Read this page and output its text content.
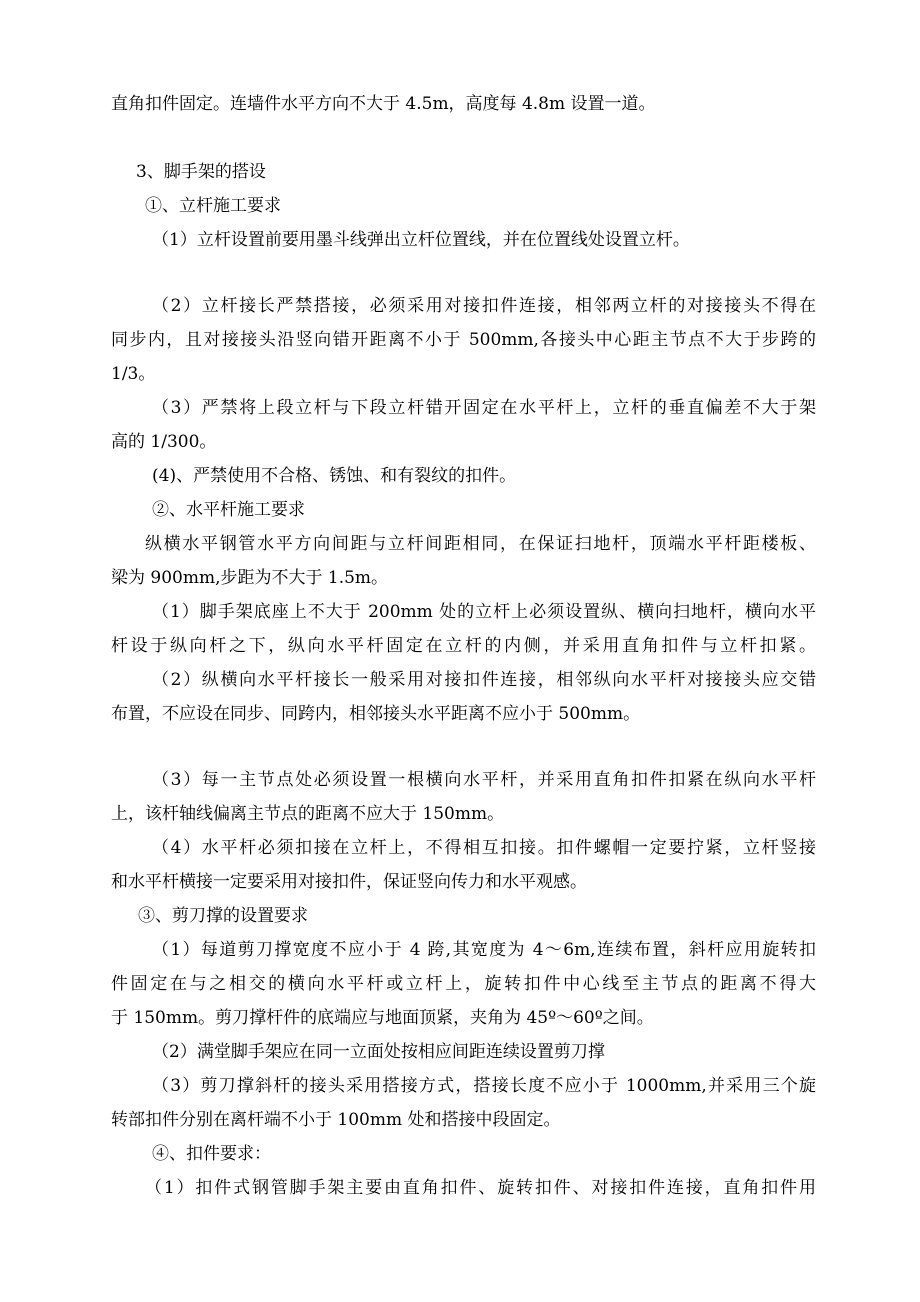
直角扣件固定。连墙件水平方向不大于 4.5m，高度每 4.8m 设置一道。
3、脚手架的搭设
①、立杆施工要求
（1）立杆设置前要用墨斗线弹出立杆位置线，并在位置线处设置立杆。
（2）立杆接长严禁搭接，必须采用对接扣件连接，相邻两立杆的对接接头不得在
同步内，且对接接头沿竖向错开距离不小于 500mm,各接头中心距主节点不大于步跨的
1/3。
（3）严禁将上段立杆与下段立杆错开固定在水平杆上，立杆的垂直偏差不大于架
高的 1/300。
(4)、严禁使用不合格、锈蚀、和有裂纹的扣件。
②、水平杆施工要求
纵横水平钢管水平方向间距与立杆间距相同，在保证扫地杆，顶端水平杆距楼板、
梁为 900mm,步距为不大于 1.5m。
（1）脚手架底座上不大于 200mm 处的立杆上必须设置纵、横向扫地杆，横向水平
杆设于纵向杆之下，纵向水平杆固定在立杆的内侧，并采用直角扣件与立杆扣紧。
（2）纵横向水平杆接长一般采用对接扣件连接，相邻纵向水平杆对接接头应交错
布置，不应设在同步、同跨内，相邻接头水平距离不应小于 500mm。
（3）每一主节点处必须设置一根横向水平杆，并采用直角扣件扣紧在纵向水平杆
上，该杆轴线偏离主节点的距离不应大于 150mm。
（4）水平杆必须扣接在立杆上，不得相互扣接。扣件螺帽一定要拧紧，立杆竖接
和水平杆横接一定要采用对接扣件，保证竖向传力和水平观感。
③、剪刀撑的设置要求
（1）每道剪刀撑宽度不应小于 4 跨,其宽度为 4～6m,连续布置，斜杆应用旋转扣
件固定在与之相交的横向水平杆或立杆上，旋转扣件中心线至主节点的距离不得大
于 150mm。剪刀撑杆件的底端应与地面顶紧，夹角为 45º～60º之间。
（2）满堂脚手架应在同一立面处按相应间距连续设置剪刀撑
（3）剪刀撑斜杆的接头采用搭接方式，搭接长度不应小于 1000mm,并采用三个旋
转部扣件分别在离杆端不小于 100mm 处和搭接中段固定。
④、扣件要求：
（1）扣件式钢管脚手架主要由直角扣件、旋转扣件、对接扣件连接，直角扣件用
